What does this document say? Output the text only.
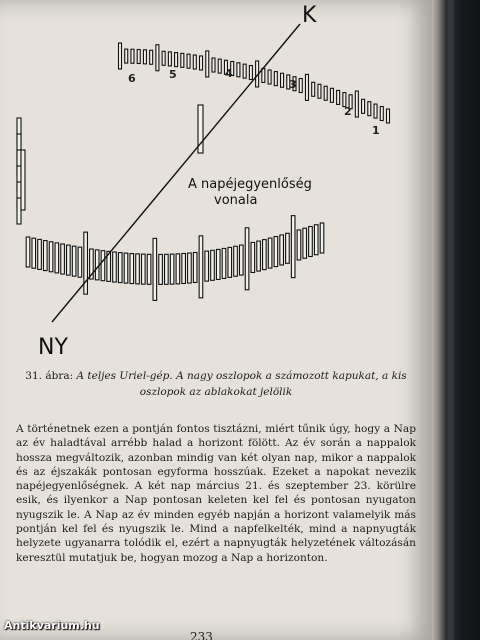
K
NY
A napéjegyenlőség
vonala
6	5	4
3
2
1
31. ábra: A teljes Uriel-gép. A nagy oszlopok a számozott kapukat, a kis oszlopok az ablakokat jelölik

A történetnek ezen a pontján fontos tisztázni, miért tűnik úgy, hogy a Nap az év haladtával arrébb halad a horizont fölött. Az év során a nappalok hossza megváltozik, azonban mindig van két olyan nap, mikor a nappalok és az éjszakák pontosan egyforma hosszúak. Ezeket a napokat nevezik napéjegyenlőségnek. A két nap március 21. és szeptember 23. körülre esik, és ilyenkor a Nap pontosan keleten kel fel és pontosan nyugaton nyugszik le. A Nap az év minden egyéb napján a horizont valamelyik más pontján kel fel és nyugszik le. Mind a napfelkelték, mind a napnyugták helyzete ugyanarra tolódik el, ezért a napnyugták helyzetének változásán keresztül mutatjuk be, hogyan mozog a Nap a horizonton.

233
Antikvarium.hu
